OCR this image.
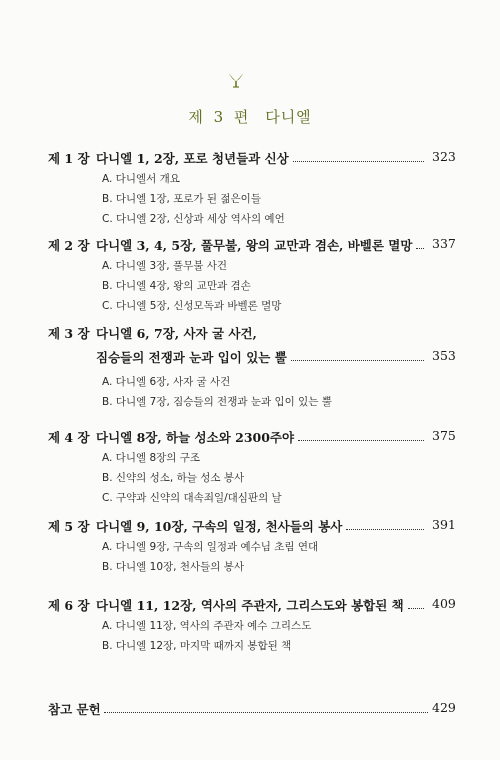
제 3 편 다니엘
제 1 장 다니엘 1, 2장, 포로 청년들과 신상	323
A. 다니엘서 개요
B. 다니엘 1장, 포로가 된 젊은이들
C. 다니엘 2장, 신상과 세상 역사의 예언
제 2 장 다니엘 3, 4, 5장, 풀무불, 왕의 교만과 겸손, 바벨론 멸망 337
A. 다니엘 3장, 풀무불 사건
B. 다니엘 4장, 왕의 교만과 겸손
C. 다니엘 5장, 신성모독과 바벨론 멸망
제 3 장 다니엘 6, 7장, 사자 굴 사건,
짐승들의 전쟁과 눈과 입이 있는 뿔	353
A. 다니엘 6장, 사자 굴 사건
B. 다니엘 7장, 짐승들의 전쟁과 눈과 입이 있는 뿔
제 4 장 다니엘 8장, 하늘 성소와 2300주야	375
A. 다니엘 8장의 구조
B. 신약의 성소, 하늘 성소 봉사
C. 구약과 신약의 대속죄일/대심판의 날
제 5 장 다니엘 9, 10장, 구속의 일정, 천사들의 봉사	391
A. 다니엘 9장, 구속의 일정과 예수님 초림 연대
B. 다니엘 10장, 천사들의 봉사
제 6 장 다니엘 11, 12장, 역사의 주관자, 그리스도와 봉합된 책 409
A. 다니엘 11장, 역사의 주관자 예수 그리스도
B. 다니엘 12장, 마지막 때까지 봉합된 책
참고 문헌	429
